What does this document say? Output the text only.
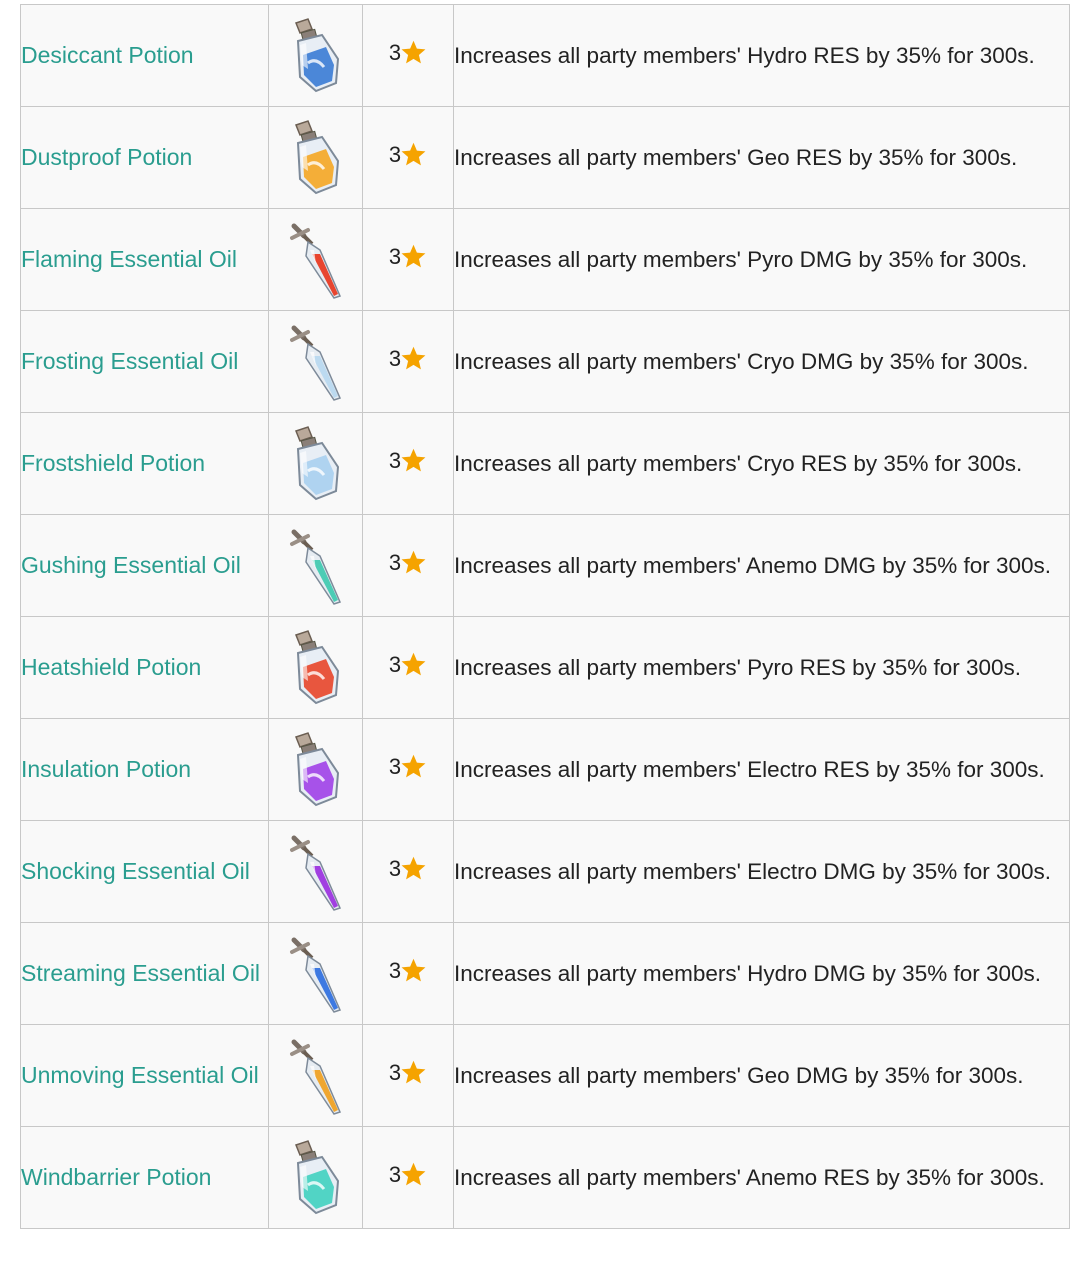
Desiccant Potion		3	Increases all party members' Hydro RES by 35% for 300s.
Dustproof Potion		3	Increases all party members' Geo RES by 35% for 300s.
Flaming Essential Oil		3	Increases all party members' Pyro DMG by 35% for 300s.
Frosting Essential Oil		3	Increases all party members' Cryo DMG by 35% for 300s.
Frostshield Potion		3	Increases all party members' Cryo RES by 35% for 300s.
Gushing Essential Oil		3	Increases all party members' Anemo DMG by 35% for 300s.
Heatshield Potion		3	Increases all party members' Pyro RES by 35% for 300s.
Insulation Potion		3	Increases all party members' Electro RES by 35% for 300s.
Shocking Essential Oil		3	Increases all party members' Electro DMG by 35% for 300s.
Streaming Essential Oil		3	Increases all party members' Hydro DMG by 35% for 300s.
Unmoving Essential Oil		3	Increases all party members' Geo DMG by 35% for 300s.
Windbarrier Potion		3	Increases all party members' Anemo RES by 35% for 300s.
